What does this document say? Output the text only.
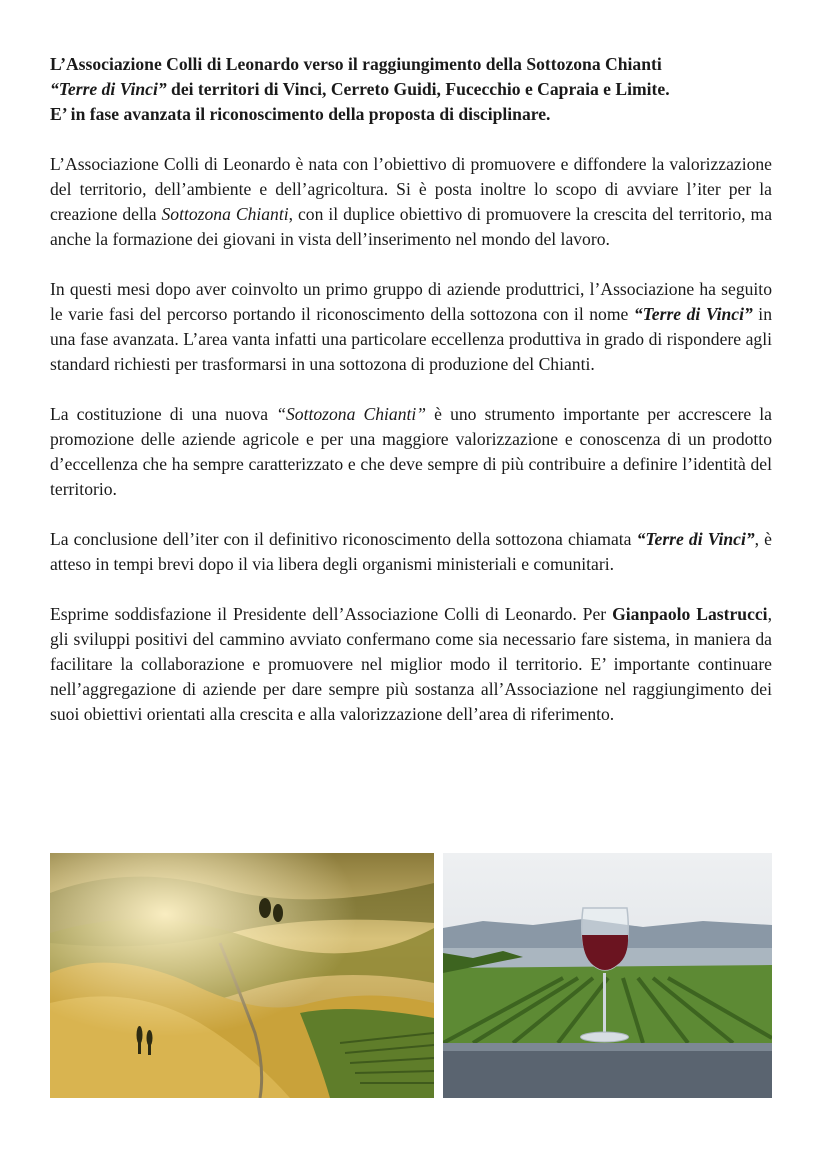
L’Associazione Colli di Leonardo verso il raggiungimento della Sottozona Chianti

“Terre di Vinci” dei territori di Vinci, Cerreto Guidi, Fucecchio e Capraia e Limite.

E’ in fase avanzata il riconoscimento della proposta di disciplinare.

L’Associazione Colli di Leonardo è nata con l’obiettivo di promuovere e diffondere la valorizzazione del territorio, dell’ambiente e dell’agricoltura. Si è posta inoltre lo scopo di avviare l’iter per la creazione della Sottozona Chianti, con il duplice obiettivo di promuovere la crescita del territorio, ma anche la formazione dei giovani in vista dell’inserimento nel mondo del lavoro.

In questi mesi dopo aver coinvolto un primo gruppo di aziende produttrici, l’Associazione ha seguito le varie fasi del percorso portando il riconoscimento della sottozona con il nome “Terre di Vinci” in una fase avanzata. L’area vanta infatti una particolare eccellenza produttiva in grado di rispondere agli standard richiesti per trasformarsi in una sottozona di produzione del Chianti.

La costituzione di una nuova “Sottozona Chianti” è uno strumento importante per accrescere la promozione delle aziende agricole e per una maggiore valorizzazione e conoscenza di un prodotto d’eccellenza che ha sempre caratterizzato e che deve sempre di più contribuire a definire l’identità del territorio.

La conclusione dell’iter con il definitivo riconoscimento della sottozona chiamata “Terre di Vinci”, è atteso in tempi brevi dopo il via libera degli organismi ministeriali e comunitari.

Esprime soddisfazione il Presidente dell’Associazione Colli di Leonardo. Per Gianpaolo Lastrucci, gli sviluppi positivi del cammino avviato confermano come sia necessario fare sistema, in maniera da facilitare la collaborazione e promuovere nel miglior modo il territorio. E’ importante continuare nell’aggregazione di aziende per dare sempre più sostanza all’Associazione nel raggiungimento dei suoi obiettivi orientati alla crescita e alla valorizzazione dell’area di riferimento.
